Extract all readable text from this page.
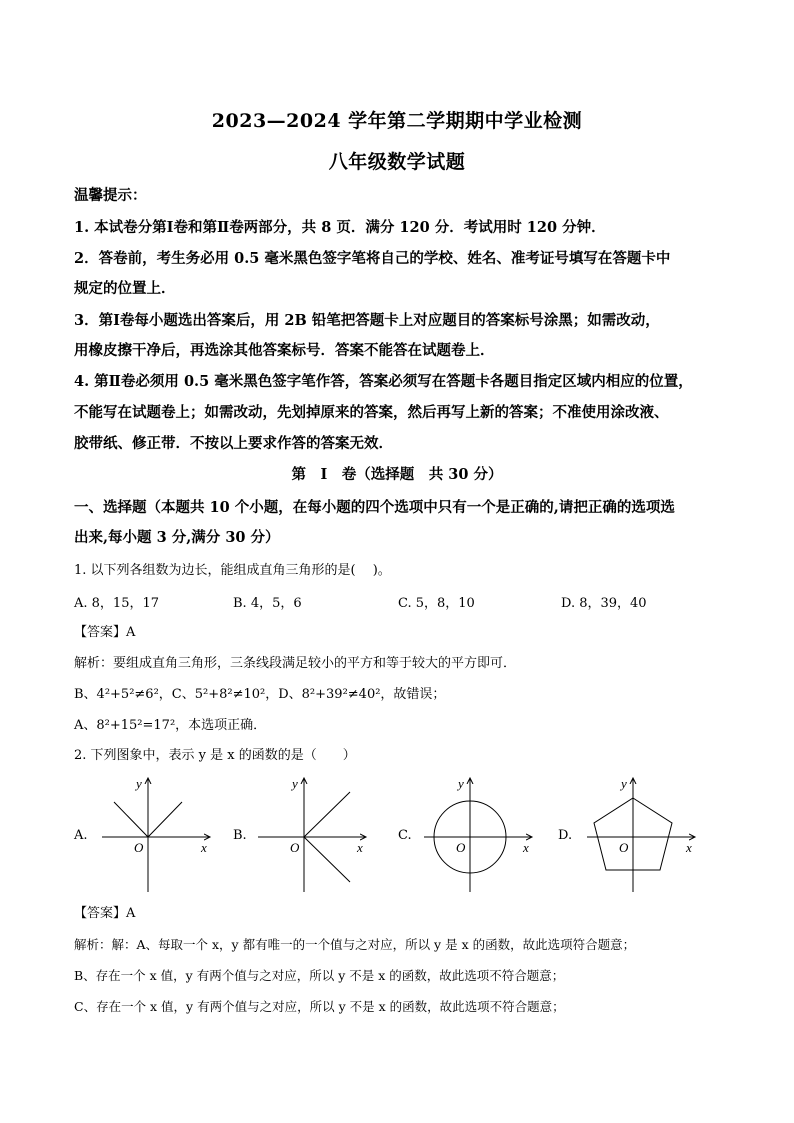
2023—2024 学年第二学期期中学业检测
八年级数学试题
温馨提示：
1. 本试卷分第Ⅰ卷和第Ⅱ卷两部分，共 8 页．满分 120 分．考试用时 120 分钟．
2．答卷前，考生务必用 0.5 毫米黑色签字笔将自己的学校、姓名、准考证号填写在答题卡中
规定的位置上．
3．第Ⅰ卷每小题选出答案后，用 2B 铅笔把答题卡上对应题目的答案标号涂黑；如需改动，
用橡皮擦干净后，再选涂其他答案标号．答案不能答在试题卷上．
4. 第Ⅱ卷必须用 0.5 毫米黑色签字笔作答，答案必须写在答题卡各题目指定区域内相应的位置，
不能写在试题卷上；如需改动，先划掉原来的答案，然后再写上新的答案；不准使用涂改液、
胶带纸、修正带．不按以上要求作答的答案无效．
第　Ⅰ　卷（选择题　共 30 分）
一、选择题（本题共 10 个小题，在每小题的四个选项中只有一个是正确的,请把正确的选项选
出来,每小题 3 分,满分 30 分）
1. 以下列各组数为边长，能组成直角三角形的是(　 )。
A. 8，15，17	B. 4，5，6	C. 5，8，10	D. 8，39，40
【答案】A
解析：要组成直角三角形，三条线段满足较小的平方和等于较大的平方即可．
B、4²+5²≠6²，C、5²+8²≠10²，D、8²+39²≠40²，故错误；
A、8²+15²=17²，本选项正确．
2. 下列图象中，表示 y 是 x 的函数的是（　　）
A.
y
x
O
B.
y
x
O
C.
y
x
O
D.
y
x
O
【答案】A
解析：解：A、每取一个 x，y 都有唯一的一个值与之对应，所以 y 是 x 的函数，故此选项符合题意；
B、存在一个 x 值，y 有两个值与之对应，所以 y 不是 x 的函数，故此选项不符合题意；
C、存在一个 x 值，y 有两个值与之对应，所以 y 不是 x 的函数，故此选项不符合题意；
